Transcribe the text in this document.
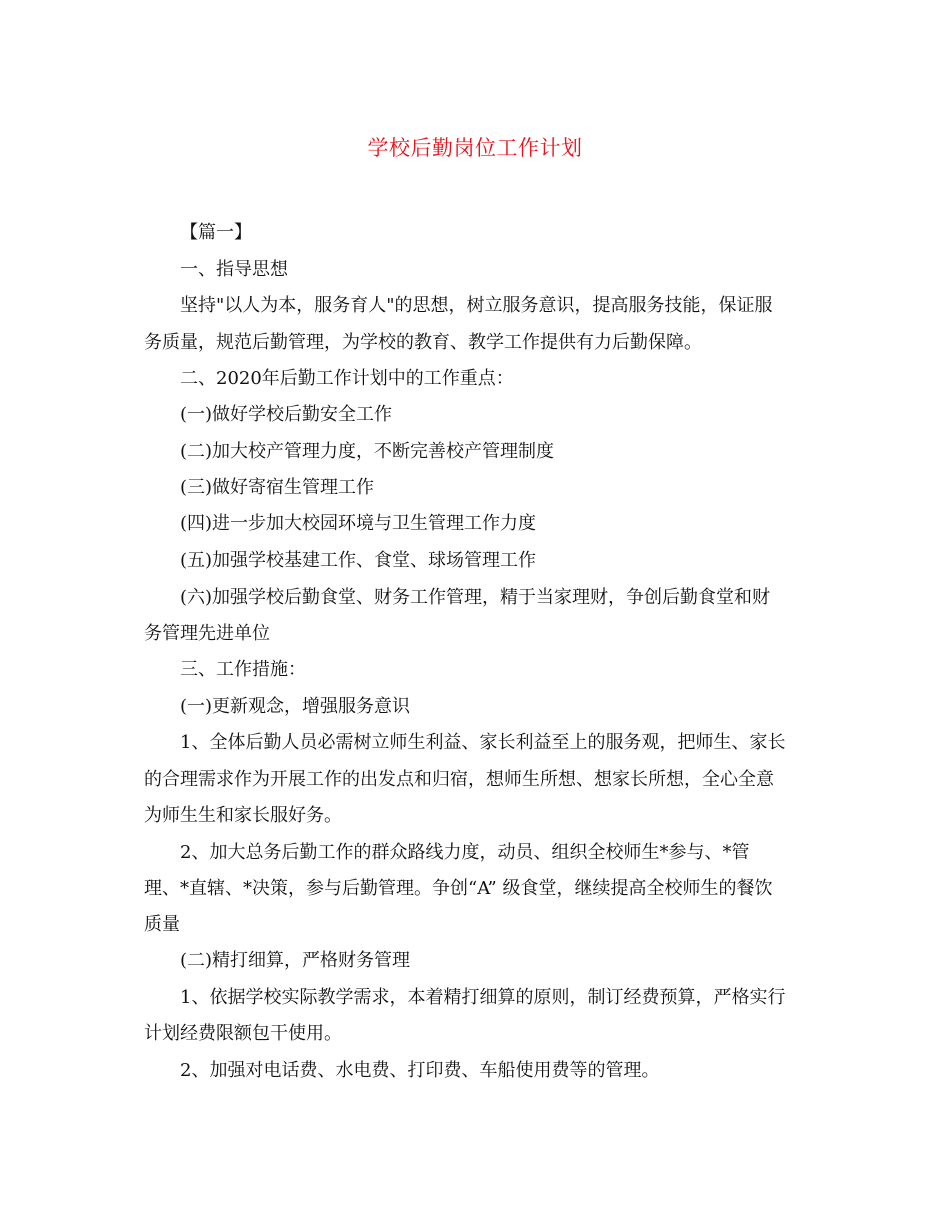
学校后勤岗位工作计划
【篇一】
一、指导思想
坚持"以人为本，服务育人"的思想，树立服务意识，提高服务技能，保证服
务质量，规范后勤管理，为学校的教育、教学工作提供有力后勤保障。
二、2020年后勤工作计划中的工作重点：
(一)做好学校后勤安全工作
(二)加大校产管理力度，不断完善校产管理制度
(三)做好寄宿生管理工作
(四)进一步加大校园环境与卫生管理工作力度
(五)加强学校基建工作、食堂、球场管理工作
(六)加强学校后勤食堂、财务工作管理，精于当家理财，争创后勤食堂和财
务管理先进单位
三、工作措施：
(一)更新观念，增强服务意识
1、全体后勤人员必需树立师生利益、家长利益至上的服务观，把师生、家长
的合理需求作为开展工作的出发点和归宿，想师生所想、想家长所想，全心全意
为师生生和家长服好务。
2、加大总务后勤工作的群众路线力度，动员、组织全校师生*参与、*管
理、*直辖、*决策，参与后勤管理。争创“A” 级食堂，继续提高全校师生的餐饮
质量
(二)精打细算，严格财务管理
1、依据学校实际教学需求，本着精打细算的原则，制订经费预算，严格实行
计划经费限额包干使用。
2、加强对电话费、水电费、打印费、车船使用费等的管理。
